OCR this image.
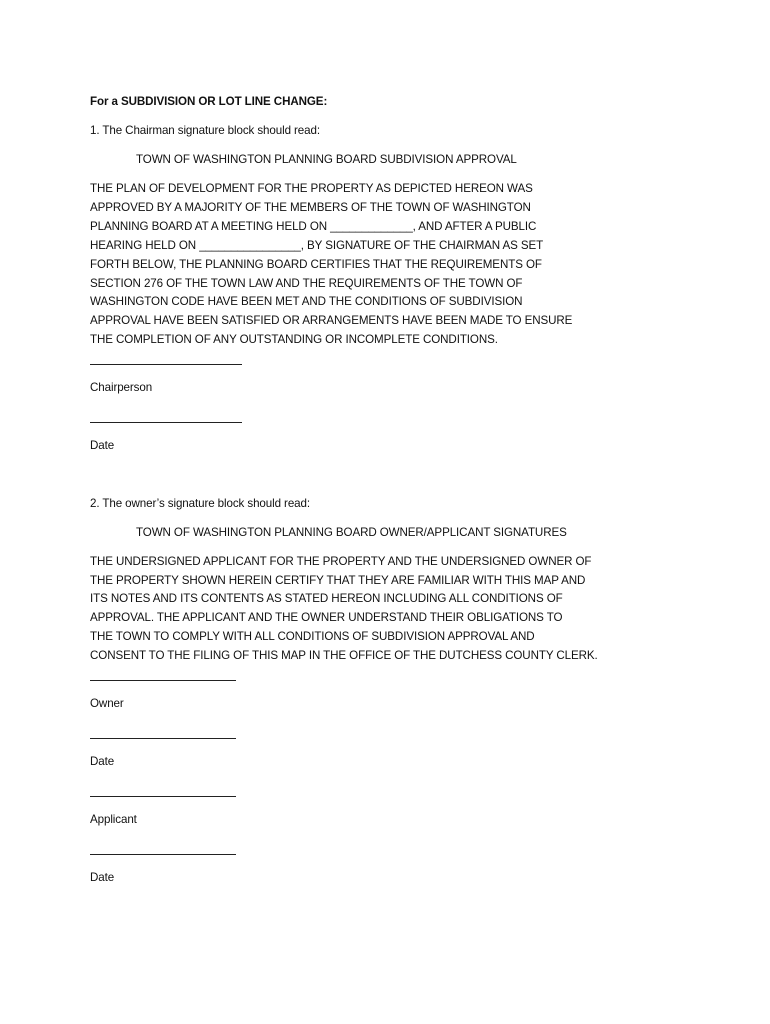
For a SUBDIVISION OR LOT LINE CHANGE:
1. The Chairman signature block should read:
TOWN OF WASHINGTON PLANNING BOARD SUBDIVISION APPROVAL
THE PLAN OF DEVELOPMENT FOR THE PROPERTY AS DEPICTED HEREON WAS
APPROVED BY A MAJORITY OF THE MEMBERS OF THE TOWN OF WASHINGTON
PLANNING BOARD AT A MEETING HELD ON _____________, AND AFTER A PUBLIC
HEARING HELD ON ________________, BY SIGNATURE OF THE CHAIRMAN AS SET
FORTH BELOW, THE PLANNING BOARD CERTIFIES THAT THE REQUIREMENTS OF
SECTION 276 OF THE TOWN LAW AND THE REQUIREMENTS OF THE TOWN OF
WASHINGTON CODE HAVE BEEN MET AND THE CONDITIONS OF SUBDIVISION
APPROVAL HAVE BEEN SATISFIED OR ARRANGEMENTS HAVE BEEN MADE TO ENSURE
THE COMPLETION OF ANY OUTSTANDING OR INCOMPLETE CONDITIONS.
Chairperson
Date
2. The owner’s signature block should read:
TOWN OF WASHINGTON PLANNING BOARD OWNER/APPLICANT SIGNATURES
THE UNDERSIGNED APPLICANT FOR THE PROPERTY AND THE UNDERSIGNED OWNER OF
THE PROPERTY SHOWN HEREIN CERTIFY THAT THEY ARE FAMILIAR WITH THIS MAP AND
ITS NOTES AND ITS CONTENTS AS STATED HEREON INCLUDING ALL CONDITIONS OF
APPROVAL. THE APPLICANT AND THE OWNER UNDERSTAND THEIR OBLIGATIONS TO
THE TOWN TO COMPLY WITH ALL CONDITIONS OF SUBDIVISION APPROVAL AND
CONSENT TO THE FILING OF THIS MAP IN THE OFFICE OF THE DUTCHESS COUNTY CLERK.
Owner
Date
Applicant
Date
